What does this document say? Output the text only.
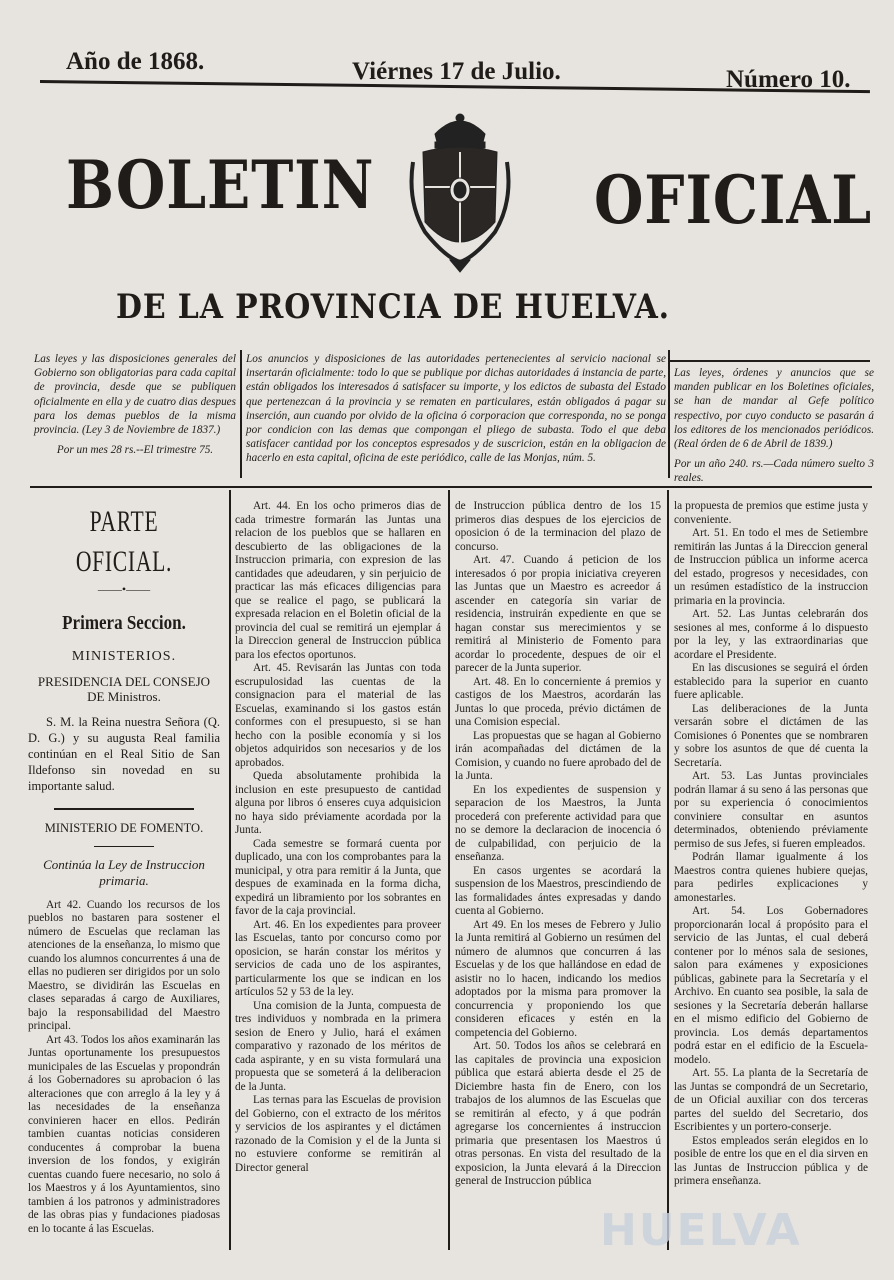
Año de 1868.	Viérnes 17 de Julio.	Número 10.
BOLETIN	OFICIAL
DE LA PROVINCIA DE HUELVA.
Las leyes y las disposiciones generales del Gobierno son obligatorias para cada capital de provincia, desde que se publiquen oficialmente en ella y de cuatro dias despues para los demas pueblos de la misma provincia. (Ley 3 de Noviembre de 1837.)
Por un mes 28 rs.--El trimestre 75.
Los anuncios y disposiciones de las autoridades pertenecientes al servicio nacional se insertarán oficialmente: todo lo que se publique por dichas autoridades á instancia de parte, están obligados los interesados á satisfacer su importe, y los edictos de subasta del Estado que pertenezcan á la provincia y se rematen en particulares, están obligados á pagar su inserción, aun cuando por olvido de la oficina ó corporacion que corresponda, no se ponga por condicion con las demas que compongan el pliego de subasta. Todo el que deba satisfacer cantidad por los conceptos espresados y de suscricion, están en la obligacion de hacerlo en esta capital, oficina de este periódico, calle de las Monjas, núm. 5.
Las leyes, órdenes y anuncios que se manden publicar en los Boletines oficiales, se han de mandar al Gefe político respectivo, por cuyo conducto se pasarán á los editores de los mencionados periódicos. (Real órden de 6 de Abril de 1839.)
Por un año 240. rs.—Cada número suelto 3 reales.
PARTE OFICIAL.
——•——
Primera Seccion.
MINISTERIOS.
PRESIDENCIA DEL CONSEJO DE Ministros.

S. M. la Reina nuestra Señora (Q. D. G.) y su augusta Real familia continúan en el Real Sitio de San Ildefonso sin novedad en su importante salud.

MINISTERIO DE FOMENTO.
Continúa la Ley de Instruccion primaria.

Art 42. Cuando los recursos de los pueblos no bastaren para sostener el número de Escuelas que reclaman las atenciones de la enseñanza, lo mismo que cuando los alumnos concurrentes á una de ellas no pudieren ser dirigidos por un solo Maestro, se dividirán las Escuelas en clases separadas á cargo de Auxiliares, bajo la responsabilidad del Maestro principal.

Art 43. Todos los años examinarán las Juntas oportunamente los presupuestos municipales de las Escuelas y propondrán á los Gobernadores su aprobacion ó las alteraciones que con arreglo á la ley y á las necesidades de la enseñanza convinieren hacer en ellos. Pedirán tambien cuantas noticias consideren conducentes á comprobar la buena inversion de los fondos, y exigirán cuentas cuando fuere necesario, no solo á los Maestros y á los Ayuntamientos, sino tambien á los patronos y administradores de las obras pias y fundaciones piadosas en lo tocante á las Escuelas.

Art. 44. En los ocho primeros dias de cada trimestre formarán las Juntas una relacion de los pueblos que se hallaren en descubierto de las obligaciones de la Instruccion primaria, con expresion de las cantidades que adeudaren, y sin perjuicio de practicar las más eficaces diligencias para que se realice el pago, se publicará la expresada relacion en el Boletin oficial de la provincia del cual se remitirá un ejemplar á la Direccion general de Instruccion pública para los efectos oportunos.

Art. 45. Revisarán las Juntas con toda escrupulosidad las cuentas de la consignacion para el material de las Escuelas, examinando si los gastos están conformes con el presupuesto, si se han hecho con la posible economía y si los objetos adquiridos son necesarios y de los aprobados.

Queda absolutamente prohibida la inclusion en este presupuesto de cantidad alguna por libros ó enseres cuya adquisicion no haya sido préviamente acordada por la Junta.

Cada semestre se formará cuenta por duplicado, una con los comprobantes para la municipal, y otra para remitir á la Junta, que despues de examinada en la forma dicha, expedirá un libramiento por los sobrantes en favor de la caja provincial.

Art. 46. En los expedientes para proveer las Escuelas, tanto por concurso como por oposicion, se harán constar los méritos y servicios de cada uno de los aspirantes, particularmente los que se indican en los artículos 52 y 53 de la ley.

Una comision de la Junta, compuesta de tres individuos y nombrada en la primera sesion de Enero y Julio, hará el exámen comparativo y razonado de los méritos de cada aspirante, y en su vista formulará una propuesta que se someterá á la deliberacion de la Junta.

Las ternas para las Escuelas de provision del Gobierno, con el extracto de los méritos y servicios de los aspirantes y el dictámen razonado de la Comision y el de la Junta si no estuviere conforme se remitirán al Director general

de Instruccion pública dentro de los 15 primeros dias despues de los ejercicios de oposicion ó de la terminacion del plazo de concurso.

Art. 47. Cuando á peticion de los interesados ó por propia iniciativa creyeren las Juntas que un Maestro es acreedor á ascender en categoría sin variar de residencia, instruirán expediente en que se hagan constar sus merecimientos y se remitirá al Ministerio de Fomento para acordar lo procedente, despues de oir el parecer de la Junta superior.

Art. 48. En lo concerniente á premios y castigos de los Maestros, acordarán las Juntas lo que proceda, prévio dictámen de una Comision especial.

Las propuestas que se hagan al Gobierno irán acompañadas del dictámen de la Comision, y cuando no fuere aprobado del de la Junta.

En los expedientes de suspension y separacion de los Maestros, la Junta procederá con preferente actividad para que no se demore la declaracion de inocencia ó de culpabilidad, con perjuicio de la enseñanza.

En casos urgentes se acordará la suspension de los Maestros, prescindiendo de las formalidades ántes expresadas y dando cuenta al Gobierno.

Art 49. En los meses de Febrero y Julio la Junta remitirá al Gobierno un resúmen del número de alumnos que concurren á las Escuelas y de los que hallándose en edad de asistir no lo hacen, indicando los medios adoptados por la misma para promover la concurrencia y proponiendo los que consideren eficaces y estén en la competencia del Gobierno.

Art. 50. Todos los años se celebrará en las capitales de provincia una exposicion pública que estará abierta desde el 25 de Diciembre hasta fin de Enero, con los trabajos de los alumnos de las Escuelas que se remitirán al efecto, y á que podrán agregarse los concernientes á instruccion primaria que presentasen los Maestros ú otras personas. En vista del resultado de la exposicion, la Junta elevará á la Direccion general de Instruccion pública

la propuesta de premios que estime justa y conveniente.

Art. 51. En todo el mes de Setiembre remitirán las Juntas á la Direccion general de Instruccion pública un informe acerca del estado, progresos y necesidades, con un resúmen estadístico de la instruccion primaria en la provincia.

Art. 52. Las Juntas celebrarán dos sesiones al mes, conforme á lo dispuesto por la ley, y las extraordinarias que acordare el Presidente.

En las discusiones se seguirá el órden establecido para la superior en cuanto fuere aplicable.

Las deliberaciones de la Junta versarán sobre el dictámen de las Comisiones ó Ponentes que se nombraren y sobre los asuntos de que dé cuenta la Secretaría.

Art. 53. Las Juntas provinciales podrán llamar á su seno á las personas que por su experiencia ó conocimientos conviniere consultar en asuntos determinados, obteniendo préviamente permiso de sus Jefes, si fueren empleados.

Podrán llamar igualmente á los Maestros contra quienes hubiere quejas, para pedirles explicaciones y amonestarles.

Art. 54. Los Gobernadores proporcionarán local á propósito para el servicio de las Juntas, el cual deberá contener por lo ménos sala de sesiones, salon para exámenes y exposiciones públicas, gabinete para la Secretaría y el Archivo. En cuanto sea posible, la sala de sesiones y la Secretaría deberán hallarse en el mismo edificio del Gobierno de provincia. Los demás departamentos podrá estar en el edificio de la Escuela-modelo.

Art. 55. La planta de la Secretaría de las Juntas se compondrá de un Secretario, de un Oficial auxiliar con dos terceras partes del sueldo del Secretario, dos Escribientes y un portero-conserje.

Estos empleados serán elegidos en lo posible de entre los que en el dia sirven en las Juntas de Instruccion pública y de primera enseñanza.

HUELVA
